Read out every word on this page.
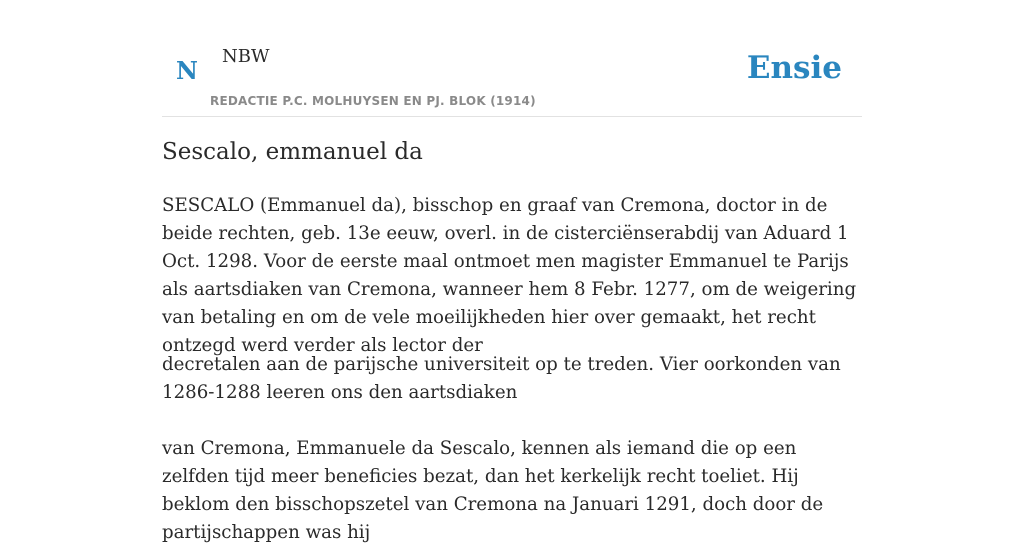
N NBW
REDACTIE P.C. MOLHUYSEN EN PJ. BLOK (1914)
Ensie
Sescalo, emmanuel da

SESCALO (Emmanuel da), bisschop en graaf van Cremona, doctor in de beide rechten, geb. 13e eeuw, overl. in de cisterciënserabdij van Aduard 1 Oct. 1298. Voor de eerste maal ontmoet men magister Emmanuel te Parijs als aartsdiaken van Cremona, wanneer hem 8 Febr. 1277, om de weigering van betaling en om de vele moeilijkheden hier over gemaakt, het recht ontzegd werd verder als lector der

decretalen aan de parijsche universiteit op te treden. Vier oorkonden van 1286-1288 leeren ons den aartsdiaken

van Cremona, Emmanuele da Sescalo, kennen als iemand die op een zelfden tijd meer beneficies bezat, dan het kerkelijk recht toeliet. Hij beklom den bisschopszetel van Cremona na Januari 1291, doch door de partijschappen was hij
